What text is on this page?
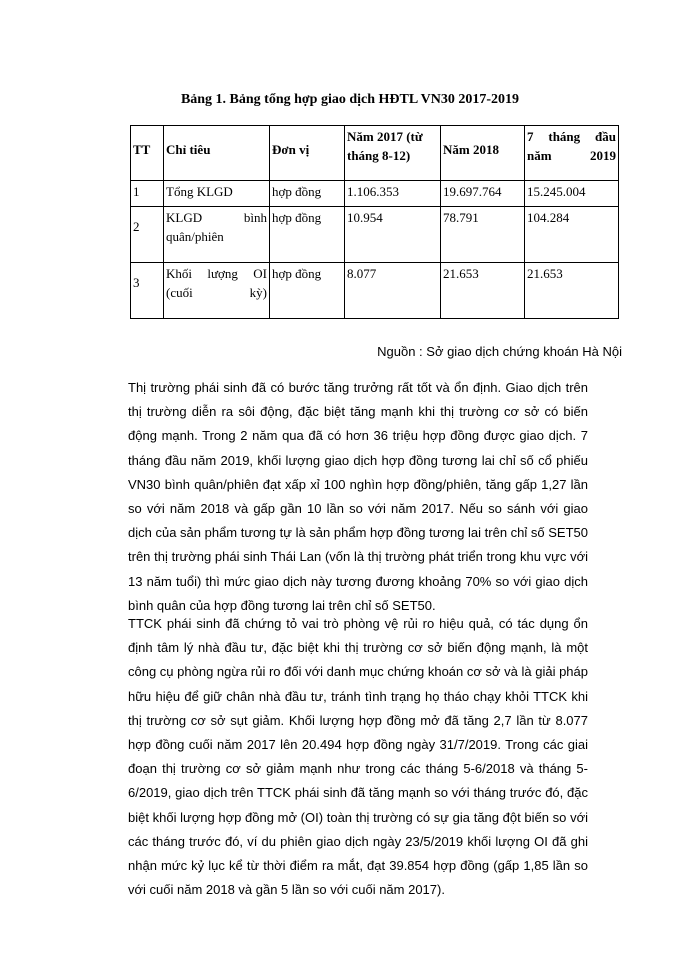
Bảng 1. Bảng tổng hợp giao dịch HĐTL VN30 2017-2019
TT	Chỉ tiêu	Đơn vị	Năm 2017 (từ tháng 8-12)	Năm 2018	7 tháng đầu năm 2019
1	Tổng KLGD	hợp đồng	1.106.353	19.697.764	15.245.004
2	KLGD bình quân/phiên	hợp đồng	10.954	78.791	104.284
3	Khối lượng OI (cuối kỳ)	hợp đồng	8.077	21.653	21.653
Nguồn : Sở giao dịch chứng khoán Hà Nội

Thị trường phái sinh đã có bước tăng trưởng rất tốt và ổn định. Giao dịch trên thị trường diễn ra sôi động, đặc biệt tăng mạnh khi thị trường cơ sở có biến động mạnh. Trong 2 năm qua đã có hơn 36 triệu hợp đồng được giao dịch. 7 tháng đầu năm 2019, khối lượng giao dịch hợp đồng tương lai chỉ số cổ phiếu VN30 bình quân/phiên đạt xấp xỉ 100 nghìn hợp đồng/phiên, tăng gấp 1,27 lần so với năm 2018 và gấp gần 10 lần so với năm 2017. Nếu so sánh với giao dịch của sản phẩm tương tự là sản phẩm hợp đồng tương lai trên chỉ số SET50 trên thị trường phái sinh Thái Lan (vốn là thị trường phát triển trong khu vực với 13 năm tuổi) thì mức giao dịch này tương đương khoảng 70% so với giao dịch bình quân của hợp đồng tương lai trên chỉ số SET50.

TTCK phái sinh đã chứng tỏ vai trò phòng vệ rủi ro hiệu quả, có tác dụng ổn định tâm lý nhà đầu tư, đặc biệt khi thị trường cơ sở biến động mạnh, là một công cụ phòng ngừa rủi ro đối với danh mục chứng khoán cơ sở và là giải pháp hữu hiệu để giữ chân nhà đầu tư, tránh tình trạng họ tháo chạy khỏi TTCK khi thị trường cơ sở sụt giảm. Khối lượng hợp đồng mở đã tăng 2,7 lần từ 8.077 hợp đồng cuối năm 2017 lên 20.494 hợp đồng ngày 31/7/2019. Trong các giai đoạn thị trường cơ sở giảm mạnh như trong các tháng 5-6/2018 và tháng 5-6/2019, giao dịch trên TTCK phái sinh đã tăng mạnh so với tháng trước đó, đặc biệt khối lượng hợp đồng mở (OI) toàn thị trường có sự gia tăng đột biến so với các tháng trước đó, ví du phiên giao dịch ngày 23/5/2019 khối lượng OI đã ghi nhận mức kỷ lục kể từ thời điểm ra mắt, đạt 39.854 hợp đồng (gấp 1,85 lần so với cuối năm 2018 và gần 5 lần so với cuối năm 2017).
